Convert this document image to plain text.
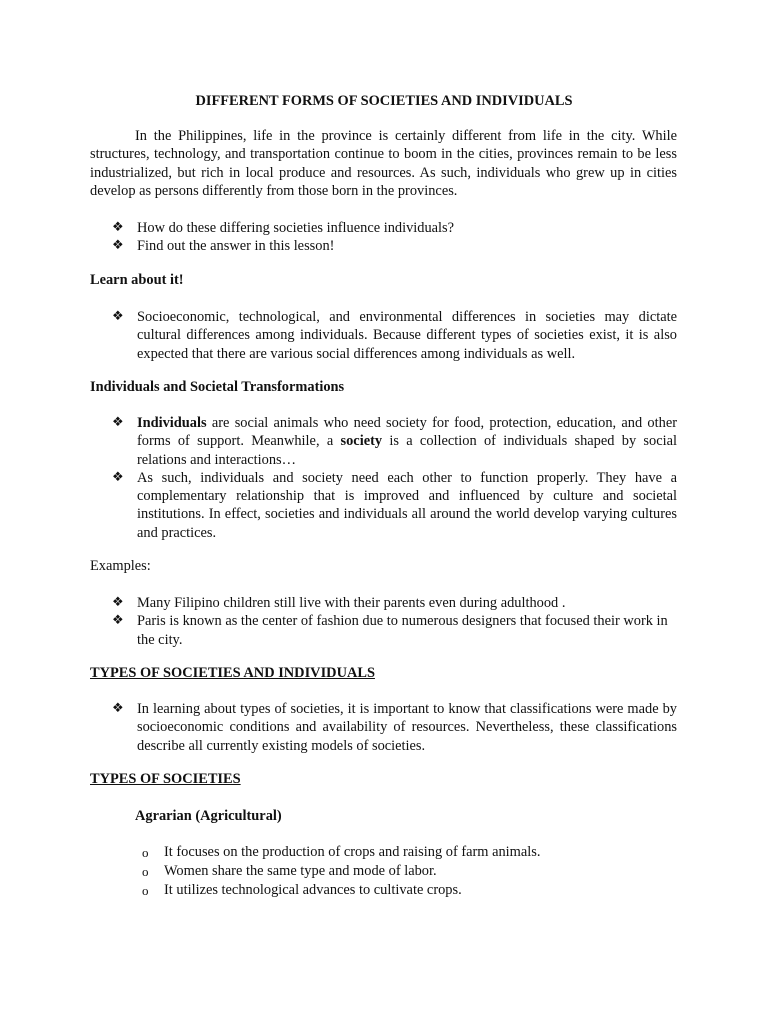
DIFFERENT FORMS OF SOCIETIES AND INDIVIDUALS

In the Philippines, life in the province is certainly different from life in the city. While structures, technology, and transportation continue to boom in the cities, provinces remain to be less industrialized, but rich in local produce and resources. As such, individuals who grew up in cities develop as persons differently from those born in the provinces.

❖ How do these differing societies influence individuals?
❖ Find out the answer in this lesson!

Learn about it!

❖ Socioeconomic, technological, and environmental differences in societies may dictate cultural differences among individuals. Because different types of societies exist, it is also expected that there are various social differences among individuals as well.

Individuals and Societal Transformations

❖ Individuals are social animals who need society for food, protection, education, and other forms of support. Meanwhile, a society is a collection of individuals shaped by social relations and interactions…
❖ As such, individuals and society need each other to function properly. They have a complementary relationship that is improved and influenced by culture and societal institutions. In effect, societies and individuals all around the world develop varying cultures and practices.

Examples:

❖ Many Filipino children still live with their parents even during adulthood .
❖ Paris is known as the center of fashion due to numerous designers that focused their work in the city.

TYPES OF SOCIETIES AND INDIVIDUALS

❖ In learning about types of societies, it is important to know that classifications were made by socioeconomic conditions and availability of resources. Nevertheless, these classifications describe all currently existing models of societies.

TYPES OF SOCIETIES

Agrarian (Agricultural)

o It focuses on the production of crops and raising of farm animals.
o Women share the same type and mode of labor.
o It utilizes technological advances to cultivate crops.
